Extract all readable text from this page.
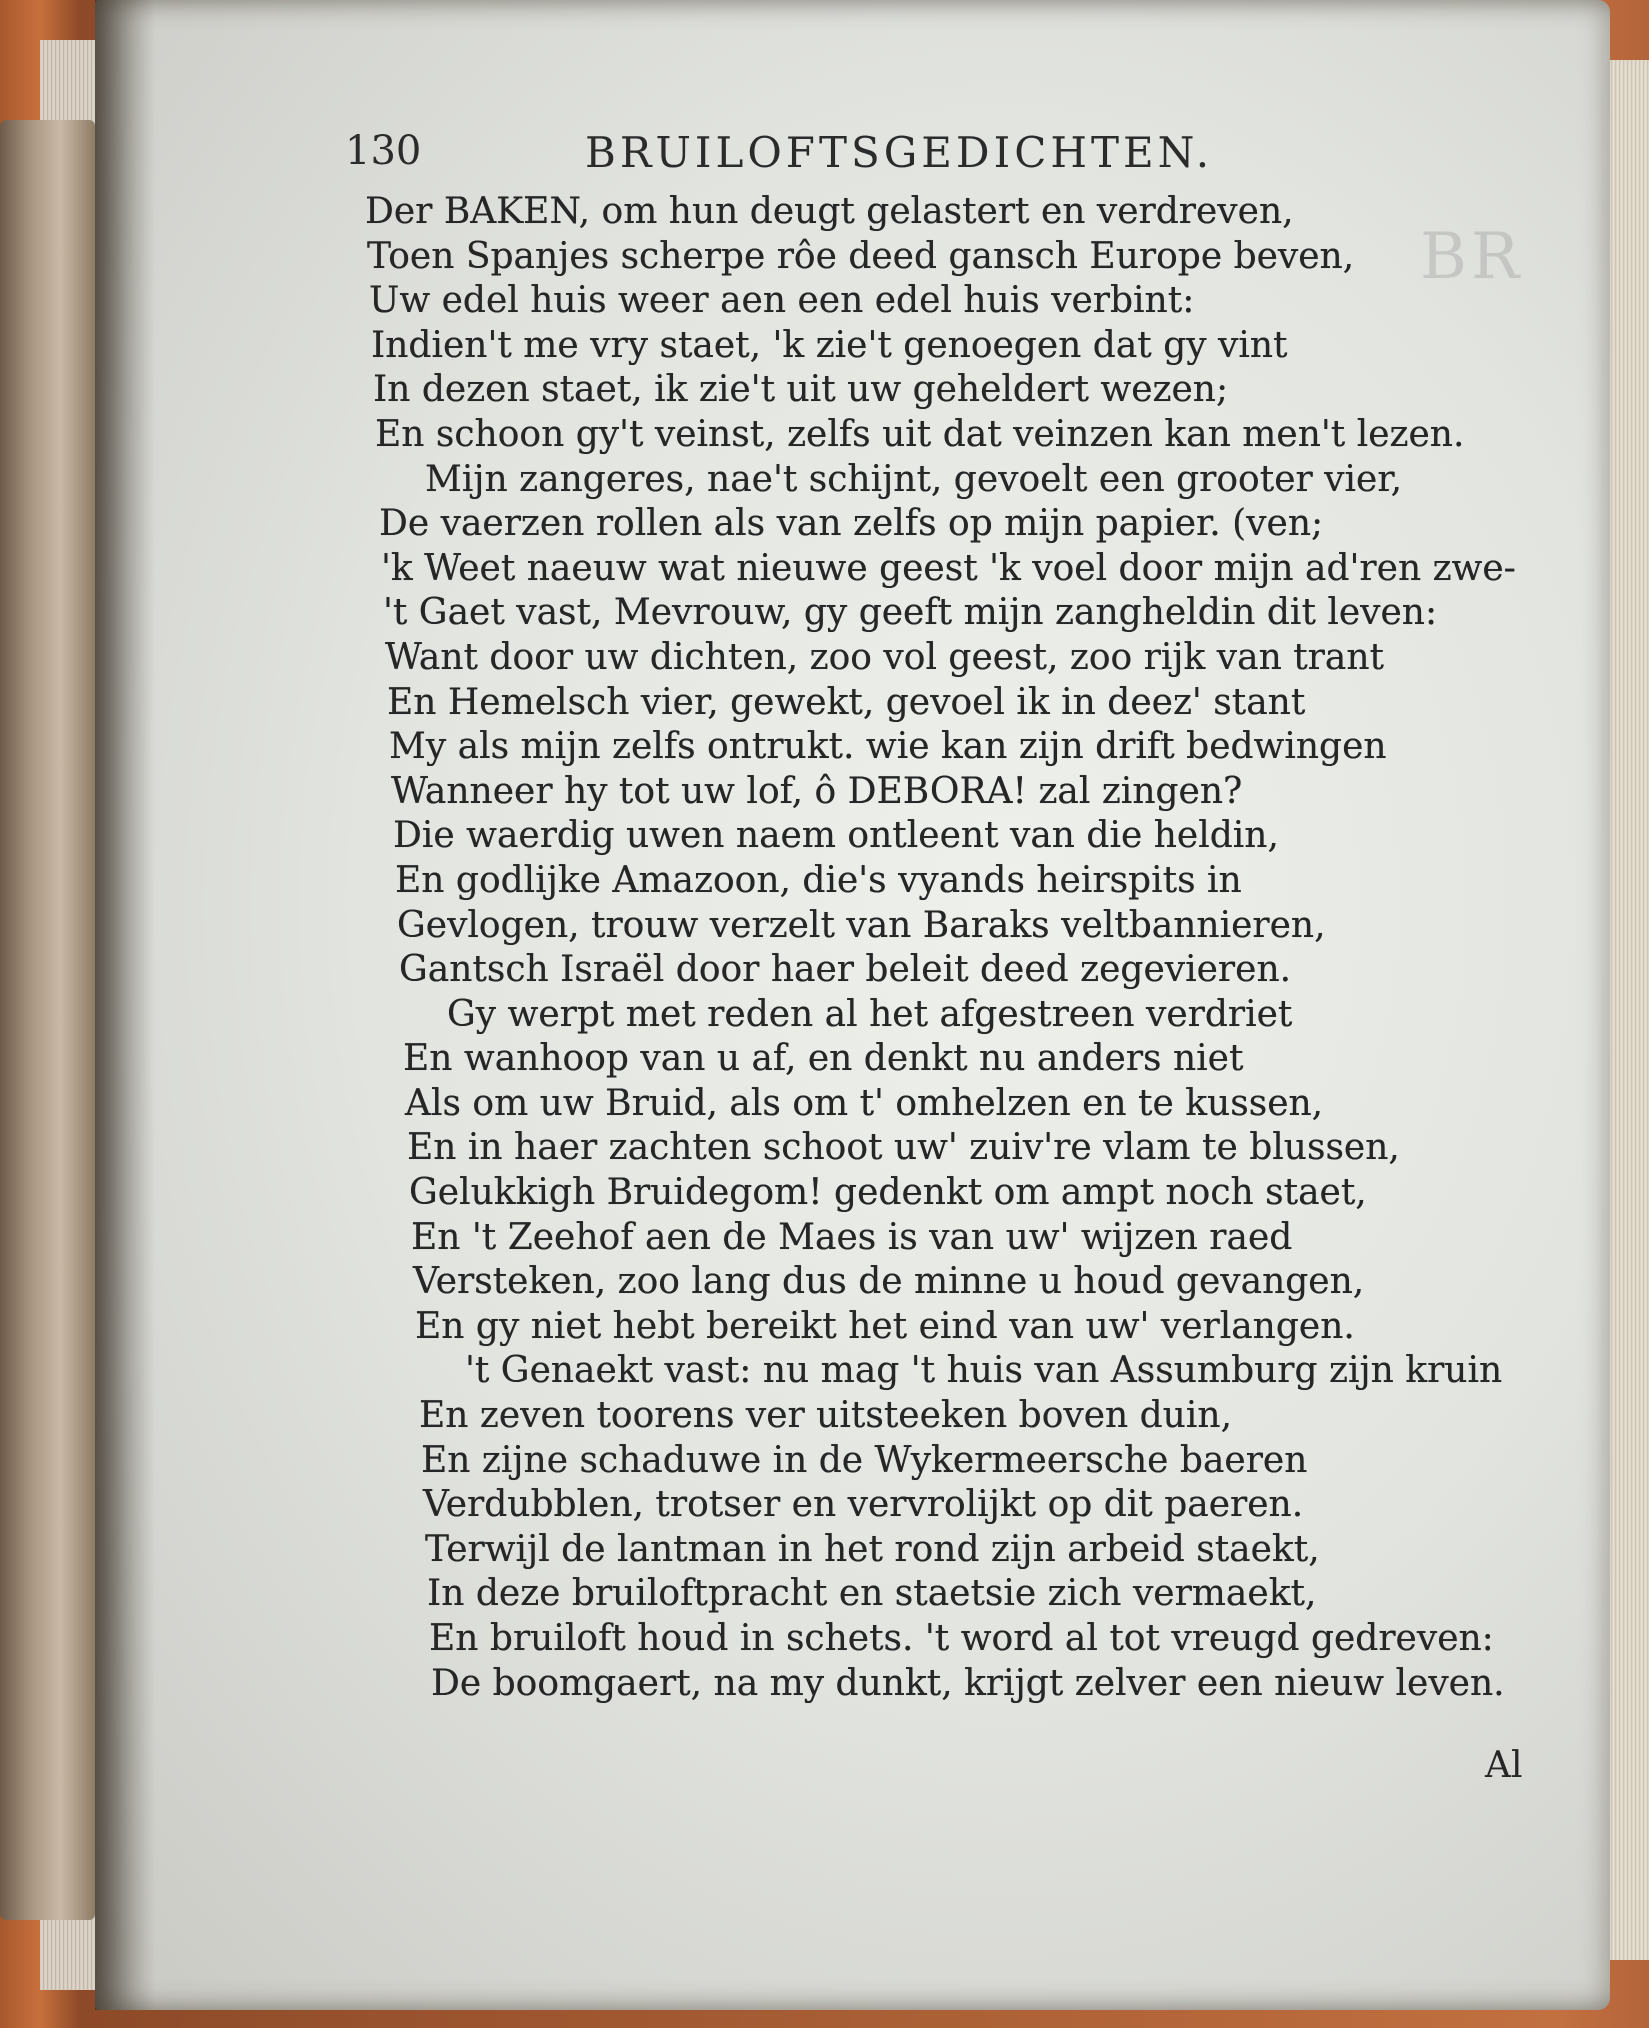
BR
130	BRUILOFTSGEDICHTEN.
Der BAKEN, om hun deugt gelastert en verdreven,
Toen Spanjes scherpe rôe deed gansch Europe beven,
Uw edel huis weer aen een edel huis verbint:
Indien't me vry staet, 'k zie't genoegen dat gy vint
In dezen staet, ik zie't uit uw geheldert wezen;
En schoon gy't veinst, zelfs uit dat veinzen kan men't lezen.
Mijn zangeres, nae't schijnt, gevoelt een grooter vier,
De vaerzen rollen als van zelfs op mijn papier. (ven;
'k Weet naeuw wat nieuwe geest 'k voel door mijn ad'ren zwe-
't Gaet vast, Mevrouw, gy geeft mijn zangheldin dit leven:
Want door uw dichten, zoo vol geest, zoo rijk van trant
En Hemelsch vier, gewekt, gevoel ik in deez' stant
My als mijn zelfs ontrukt. wie kan zijn drift bedwingen
Wanneer hy tot uw lof, ô DEBORA! zal zingen?
Die waerdig uwen naem ontleent van die heldin,
En godlijke Amazoon, die's vyands heirspits in
Gevlogen, trouw verzelt van Baraks veltbannieren,
Gantsch Israël door haer beleit deed zegevieren.
Gy werpt met reden al het afgestreen verdriet
En wanhoop van u af, en denkt nu anders niet
Als om uw Bruid, als om t' omhelzen en te kussen,
En in haer zachten schoot uw' zuiv're vlam te blussen,
Gelukkigh Bruidegom! gedenkt om ampt noch staet,
En 't Zeehof aen de Maes is van uw' wijzen raed
Versteken, zoo lang dus de minne u houd gevangen,
En gy niet hebt bereikt het eind van uw' verlangen.
't Genaekt vast: nu mag 't huis van Assumburg zijn kruin
En zeven toorens ver uitsteeken boven duin,
En zijne schaduwe in de Wykermeersche baeren
Verdubblen, trotser en vervrolijkt op dit paeren.
Terwijl de lantman in het rond zijn arbeid staekt,
In deze bruiloftpracht en staetsie zich vermaekt,
En bruiloft houd in schets. 't word al tot vreugd gedreven:
De boomgaert, na my dunkt, krijgt zelver een nieuw leven.
Al
